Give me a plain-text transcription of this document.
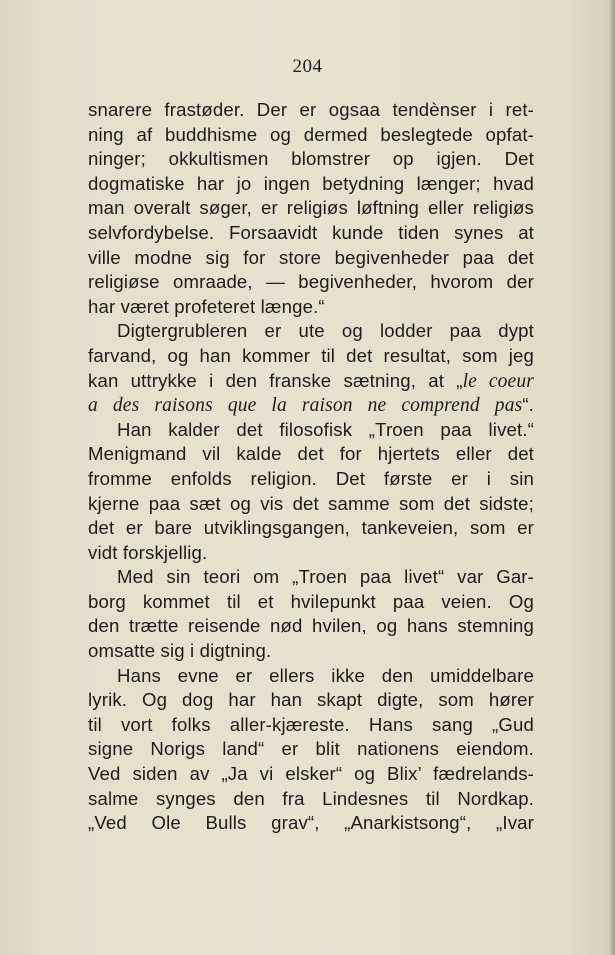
204
snarere frastøder. Der er ogsaa tendènser i ret-
ning af buddhisme og dermed beslegtede opfat-
ninger; okkultismen blomstrer op igjen. Det
dogmatiske har jo ingen betydning længer; hvad
man overalt søger, er religiøs løftning eller religiøs
selvfordybelse. Forsaavidt kunde tiden synes at
ville modne sig for store begivenheder paa det
religiøse omraade, — begivenheder, hvorom der
har været profeteret længe.“
Digtergrubleren er ute og lodder paa dypt
farvand, og han kommer til det resultat, som jeg
kan uttrykke i den franske sætning, at „le coeur
a des raisons que la raison ne comprend pas“.
Han kalder det filosofisk „Troen paa livet.“
Menigmand vil kalde det for hjertets eller det
fromme enfolds religion. Det første er i sin
kjerne paa sæt og vis det samme som det sidste;
det er bare utviklingsgangen, tankeveien, som er
vidt forskjellig.
Med sin teori om „Troen paa livet“ var Gar-
borg kommet til et hvilepunkt paa veien. Og
den trætte reisende nød hvilen, og hans stemning
omsatte sig i digtning.
Hans evne er ellers ikke den umiddelbare
lyrik. Og dog har han skapt digte, som hører
til vort folks aller-kjæreste. Hans sang „Gud
signe Norigs land“ er blit nationens eiendom.
Ved siden av „Ja vi elsker“ og Blix’ fædrelands-
salme synges den fra Lindesnes til Nordkap.
„Ved Ole Bulls grav“, „Anarkistsong“, „Ivar
